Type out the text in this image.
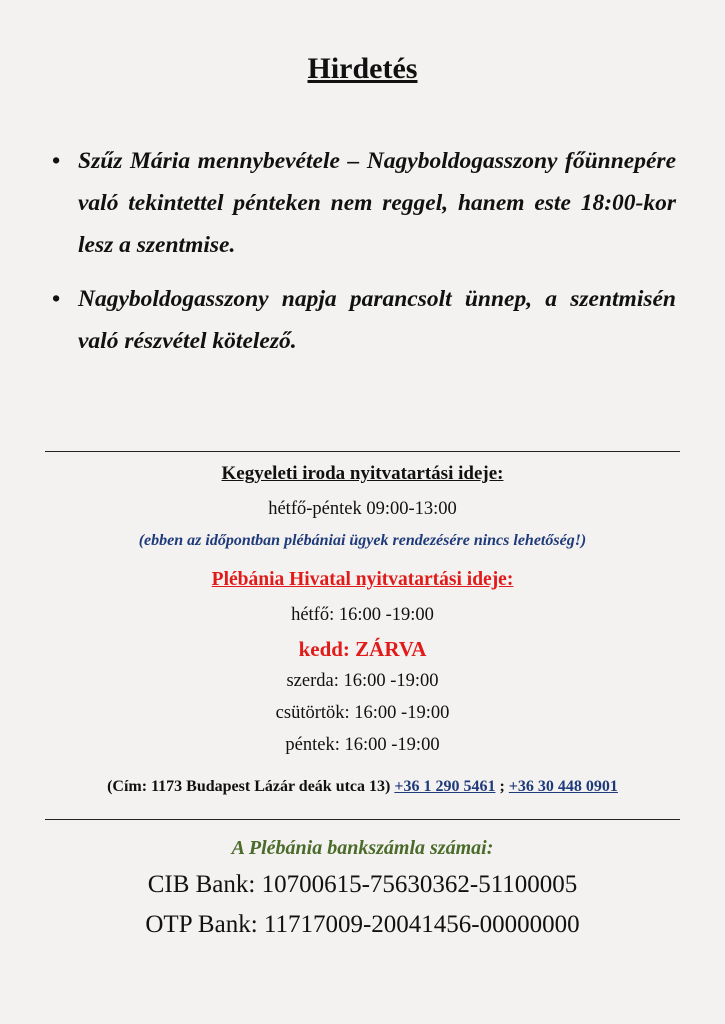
Hirdetés
• Szűz Mária mennybevétele – Nagyboldogasszony főünnepére való tekintettel pénteken nem reggel, hanem este 18:00-kor lesz a szentmise.
• Nagyboldogasszony napja parancsolt ünnep, a szentmisén való részvétel kötelező.
Kegyeleti iroda nyitvatartási ideje:
hétfő-péntek 09:00-13:00
(ebben az időpontban plébániai ügyek rendezésére nincs lehetőség!)
Plébánia Hivatal nyitvatartási ideje:
hétfő: 16:00 -19:00
kedd: ZÁRVA
szerda: 16:00 -19:00
csütörtök: 16:00 -19:00
péntek: 16:00 -19:00
(Cím: 1173 Budapest Lázár deák utca 13) +36 1 290 5461 ; +36 30 448 0901
A Plébánia bankszámla számai:
CIB Bank: 10700615-75630362-51100005
OTP Bank: 11717009-20041456-00000000
